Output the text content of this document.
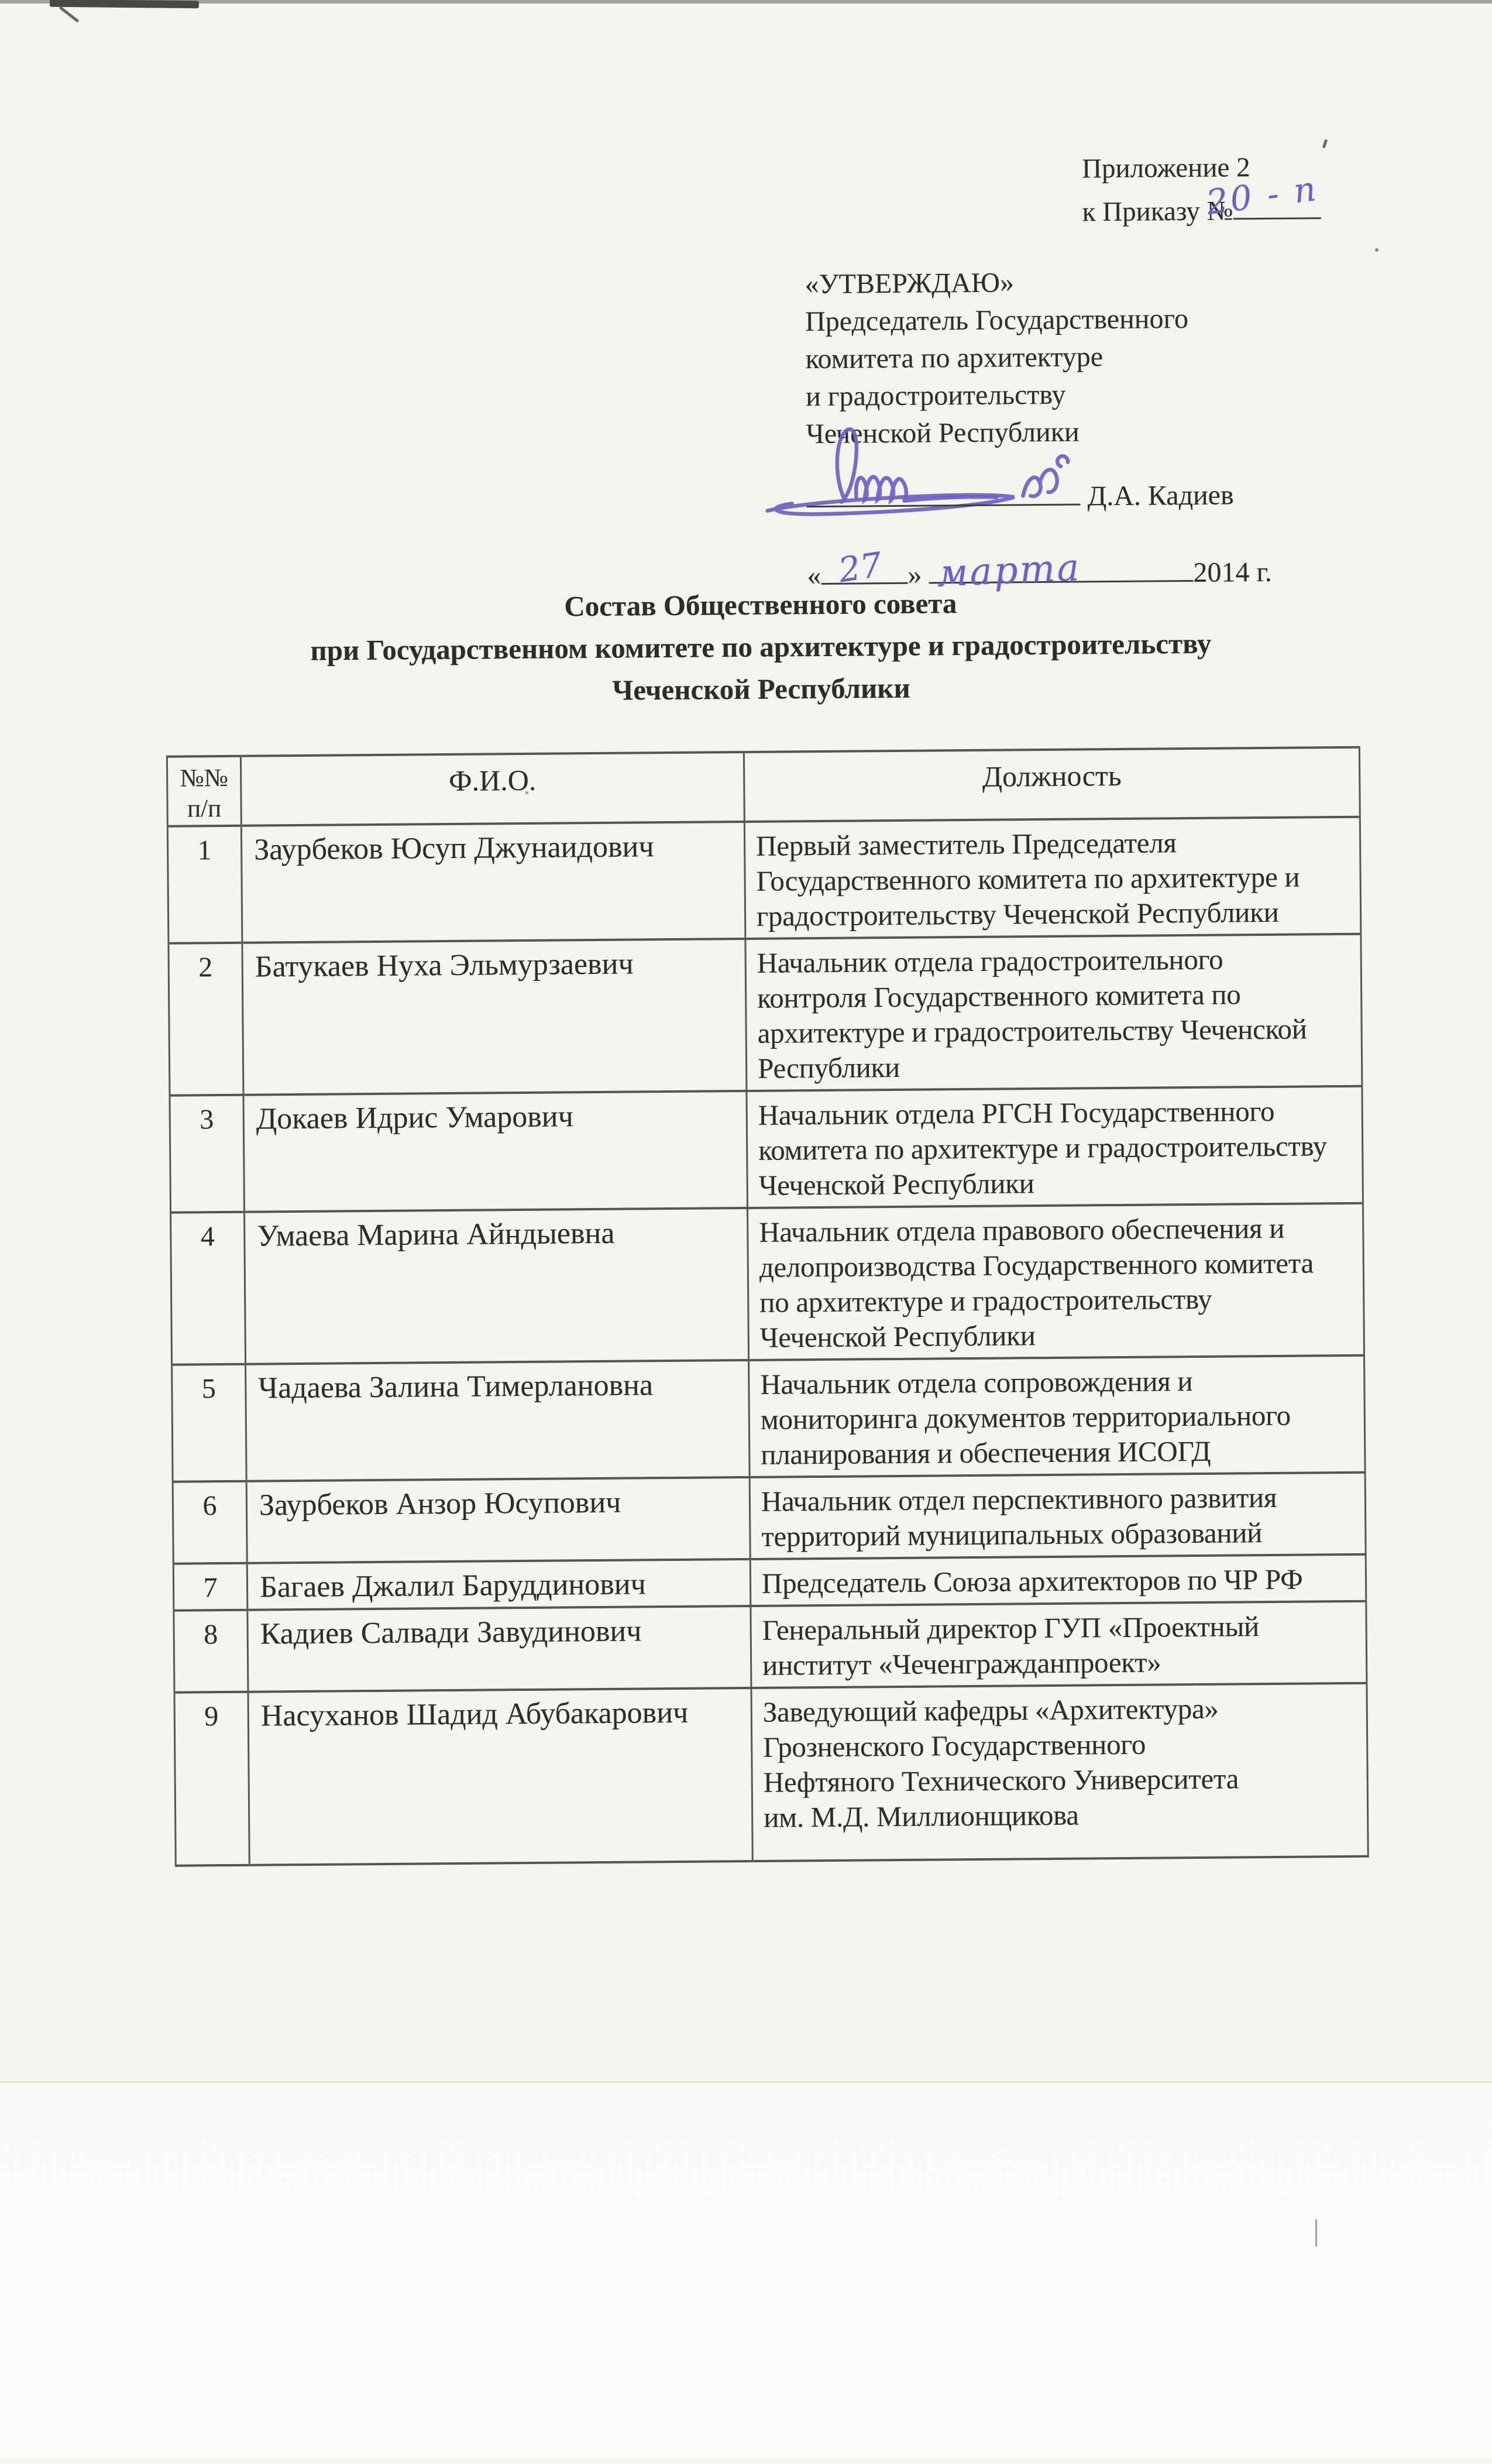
Приложение 2
к Приказу №
20 - п
«УТВЕРЖДАЮ»
Председатель Государственного
комитета по архитектуре
и градостроительству
Чеченской Республики
Д.А. Кадиев
« 27 » марта	2014 г.
Состав Общественного совета
при Государственном комитете по архитектуре и градостроительству
Чеченской Республики
№№
п/п	Ф.И.О.	Должность
1	Заурбеков Юсуп Джунаидович	Первый заместитель Председателя
Государственного комитета по архитектуре и
градостроительству Чеченской Республики
2	Батукаев Нуха Эльмурзаевич	Начальник отдела градостроительного
контроля Государственного комитета по
архитектуре и градостроительству Чеченской
Республики
3	Докаев Идрис Умарович	Начальник отдела РГСН Государственного
комитета по архитектуре и градостроительству
Чеченской Республики
4	Умаева Марина Айндыевна	Начальник отдела правового обеспечения и
делопроизводства Государственного комитета
по архитектуре и градостроительству
Чеченской Республики
5	Чадаева Залина Тимерлановна	Начальник отдела сопровождения и
мониторинга документов территориального
планирования и обеспечения ИСОГД
6	Заурбеков Анзор Юсупович	Начальник отдел перспективного развития
территорий муниципальных образований
7	Багаев Джалил Баруддинович	Председатель Союза архитекторов по ЧР РФ
8	Кадиев Салвади Завудинович	Генеральный директор ГУП «Проектный
институт «Чеченгражданпроект»
9	Насуханов Шадид Абубакарович	Заведующий кафедры «Архитектура»
Грозненского Государственного
Нефтяного Технического Университета
им. М.Д. Миллионщикова
